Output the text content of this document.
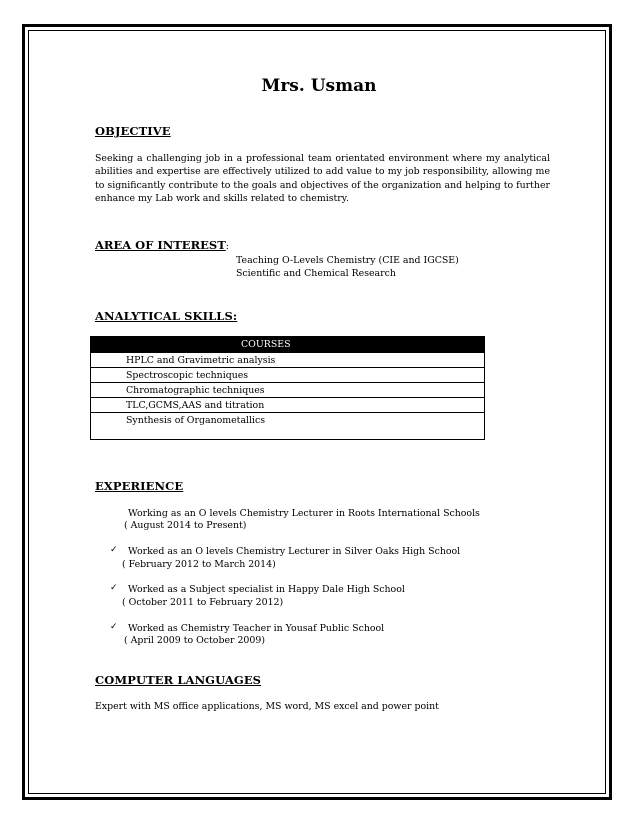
Mrs. Usman
OBJECTIVE
Seeking a challenging job in a professional team orientated environment where my analytical abilities and expertise are effectively utilized to add value to my job responsibility, allowing me to significantly contribute to the goals and objectives of the organization and helping to further enhance my Lab work and skills related to chemistry.
AREA OF INTEREST:
Teaching O-Levels Chemistry (CIE and IGCSE)
Scientific and Chemical Research
ANALYTICAL SKILLS:
COURSES
HPLC and Gravimetric analysis
Spectroscopic techniques
Chromatographic techniques
TLC,GCMS,AAS and titration
Synthesis of Organometallics
EXPERIENCE
Working as an O levels Chemistry Lecturer in Roots International Schools
( August 2014 to Present)
✓ Worked as an O levels Chemistry Lecturer in Silver Oaks High School
( February 2012 to March 2014)
✓ Worked as a Subject specialist in Happy Dale High School
( October 2011 to February 2012)
✓ Worked as Chemistry Teacher in Yousaf Public School
( April 2009 to October 2009)
COMPUTER LANGUAGES
Expert with MS office applications, MS word, MS excel and power point
